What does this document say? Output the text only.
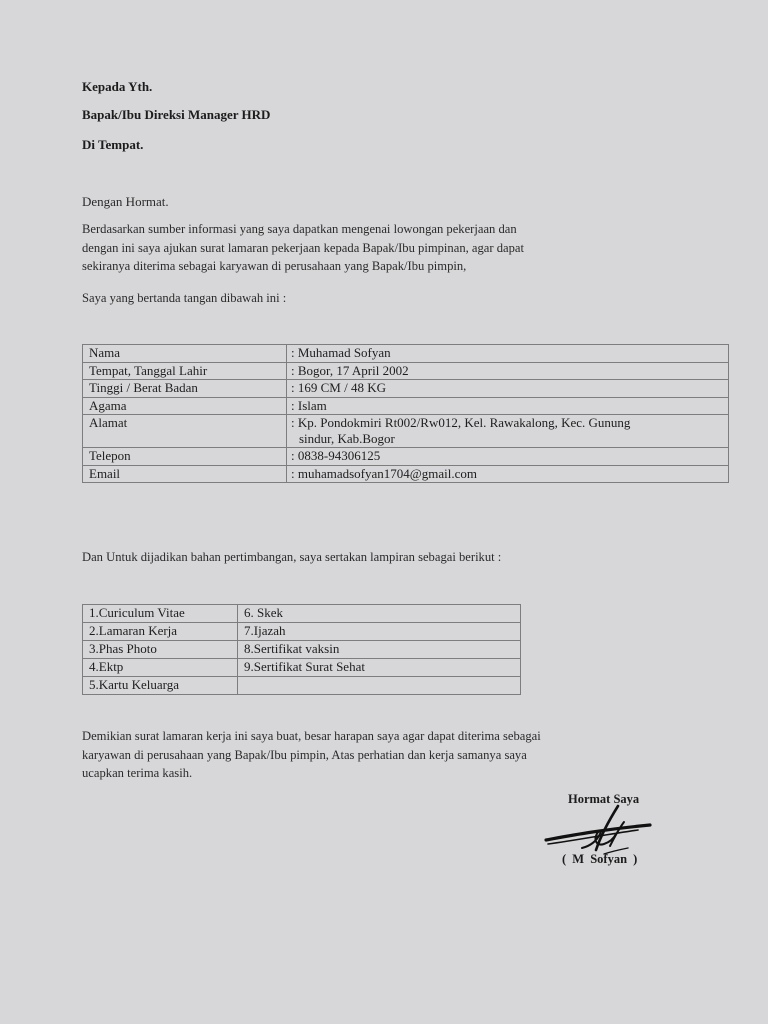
Kepada Yth.
Bapak/Ibu Direksi Manager HRD
Di Tempat.
Dengan Hormat.
Berdasarkan sumber informasi yang saya dapatkan mengenai lowongan pekerjaan dan
dengan ini saya ajukan surat lamaran pekerjaan kepada Bapak/Ibu pimpinan, agar dapat
sekiranya diterima sebagai karyawan di perusahaan yang Bapak/Ibu pimpin,
Saya yang bertanda tangan dibawah ini :
Nama	: Muhamad Sofyan
Tempat, Tanggal Lahir	: Bogor, 17 April 2002
Tinggi / Berat Badan	: 169 CM / 48 KG
Agama	: Islam
Alamat	: Kp. Pondokmiri Rt002/Rw012, Kel. Rawakalong, Kec. Gunung
sindur, Kab.Bogor

Telepon	: 0838-94306125
Email	: muhamadsofyan1704@gmail.com
Dan Untuk dijadikan bahan pertimbangan, saya sertakan lampiran sebagai berikut :
1.Curiculum Vitae	6. Skek
2.Lamaran Kerja	7.Ijazah
3.Phas Photo	8.Sertifikat vaksin
4.Ektp	9.Sertifikat Surat Sehat
5.Kartu Keluarga	
Demikian surat lamaran kerja ini saya buat, besar harapan saya agar dapat diterima sebagai
karyawan di perusahaan yang Bapak/Ibu pimpin, Atas perhatian dan kerja samanya saya
ucapkan terima kasih.
Hormat Saya
( M Sofyan )
